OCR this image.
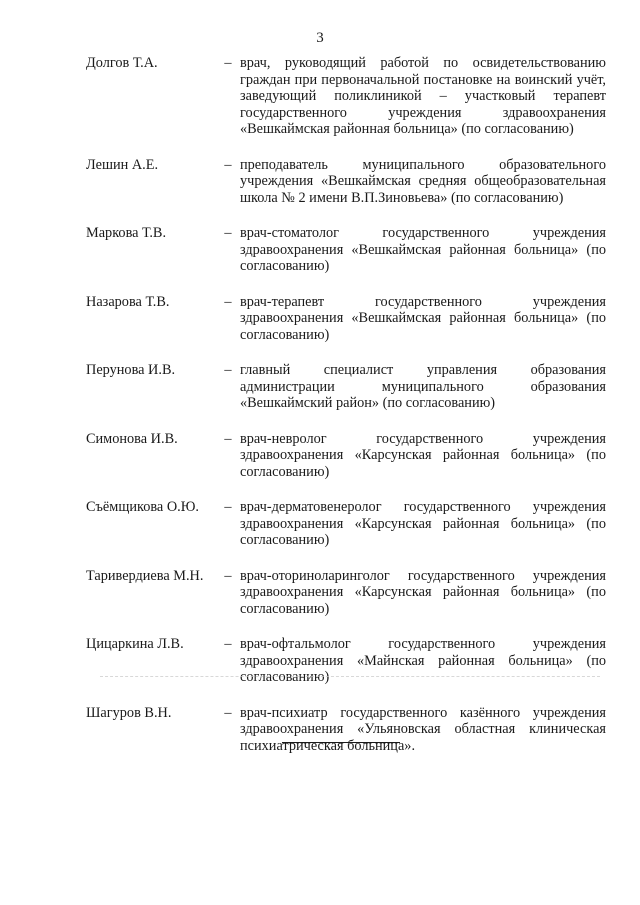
3
Долгов Т.А.	– врач, руководящий работой по освидетельствованию граждан при первоначальной постановке на воинский учёт, заведующий поликлиникой – участковый терапевт государственного учреждения здравоохранения «Вешкаймская районная больница» (по согласованию)
Лешин А.Е.	– преподаватель муниципального образовательного учреждения «Вешкаймская средняя общеобразовательная школа № 2 имени В.П.Зиновьева» (по согласованию)
Маркова Т.В.	– врач-стоматолог государственного учреждения здравоохранения «Вешкаймская районная больница» (по согласованию)
Назарова Т.В.	– врач-терапевт государственного учреждения здравоохранения «Вешкаймская районная больница» (по согласованию)
Перунова И.В.	– главный специалист управления образования администрации муниципального образования «Вешкаймский район» (по согласованию)
Симонова И.В.	– врач-невролог государственного учреждения здравоохранения «Карсунская районная больница» (по согласованию)
Съёмщикова О.Ю.	– врач-дерматовенеролог государственного учреждения здравоохранения «Карсунская районная больница» (по согласованию)
Таривердиева М.Н.	– врач-оториноларинголог государственного учреждения здравоохранения «Карсунская районная больница» (по согласованию)
Цицаркина Л.В.	– врач-офтальмолог государственного учреждения здравоохранения «Майнская районная больница» (по согласованию)
Шагуров В.Н.	– врач-психиатр государственного казённого учреждения здравоохранения «Ульяновская областная клиническая психиатрическая больница».
